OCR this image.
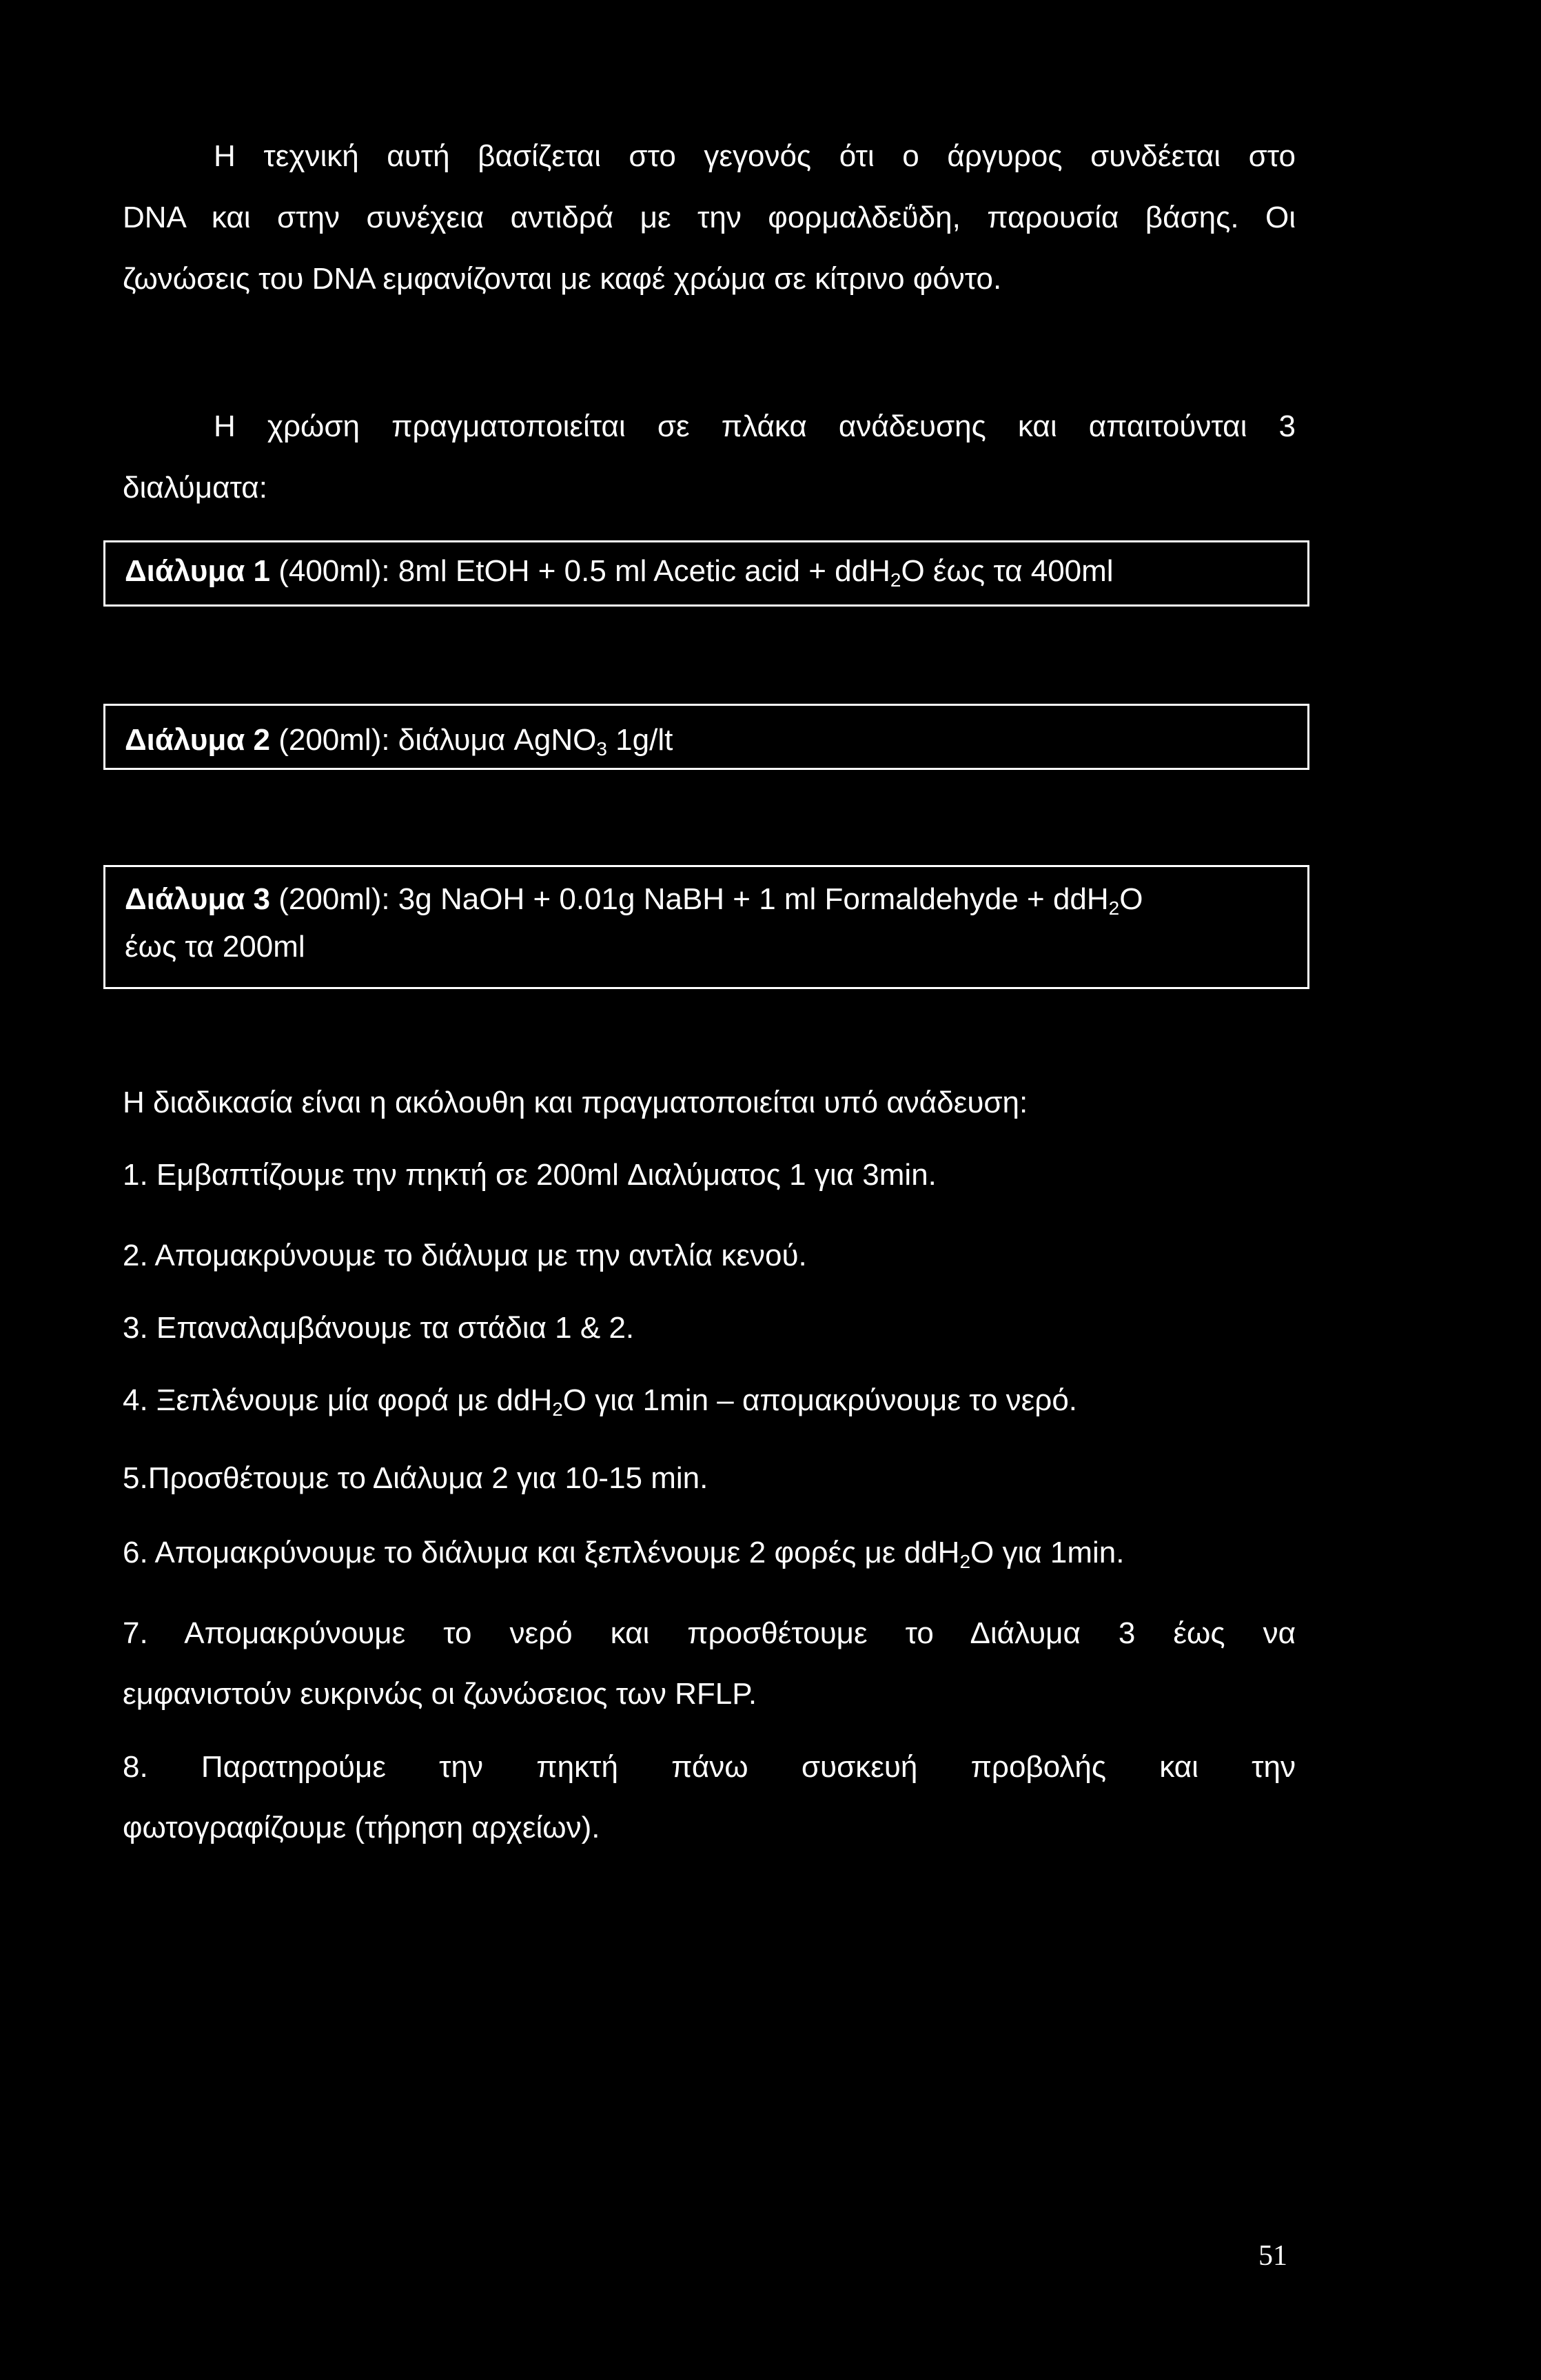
Η τεχνική αυτή βασίζεται στο γεγονός ότι ο άργυρος συνδέεται στο

DNA και στην συνέχεια αντιδρά με την φορμαλδεΰδη, παρουσία βάσης. Οι

ζωνώσεις του DNA εμφανίζονται με καφέ χρώμα σε κίτρινο φόντο.

Η χρώση πραγματοποιείται σε πλάκα ανάδευσης και απαιτούνται 3

διαλύματα:

Διάλυμα 1 (400ml): 8ml EtOH + 0.5 ml Acetic acid + ddH$_2$O έως τα 400ml
Διάλυμα 2 (200ml): διάλυμα AgNO$_3$ 1g/lt
Διάλυμα 3 (200ml): 3g NaOH + 0.01g NaBH + 1 ml Formaldehyde + ddH$_2$O
έως τα 200ml

Η διαδικασία είναι η ακόλουθη και πραγματοποιείται υπό ανάδευση:

1. Εμβαπτίζουμε την πηκτή σε 200ml Διαλύματος 1 για 3min.

2. Απομακρύνουμε το διάλυμα με την αντλία κενού.

3. Επαναλαμβάνουμε τα στάδια 1 & 2.

4. Ξεπλένουμε μία φορά με ddH$_2$O για 1min – απομακρύνουμε το νερό.

5.Προσθέτουμε το Διάλυμα 2 για 10-15 min.

6. Απομακρύνουμε το διάλυμα και ξεπλένουμε 2 φορές με ddH$_2$O για 1min.

7. Απομακρύνουμε το νερό και προσθέτουμε το Διάλυμα 3 έως να

εμφανιστούν ευκρινώς οι ζωνώσειος των RFLP.

8. Παρατηρούμε την πηκτή πάνω συσκευή προβολής και την

φωτογραφίζουμε (τήρηση αρχείων).

51
